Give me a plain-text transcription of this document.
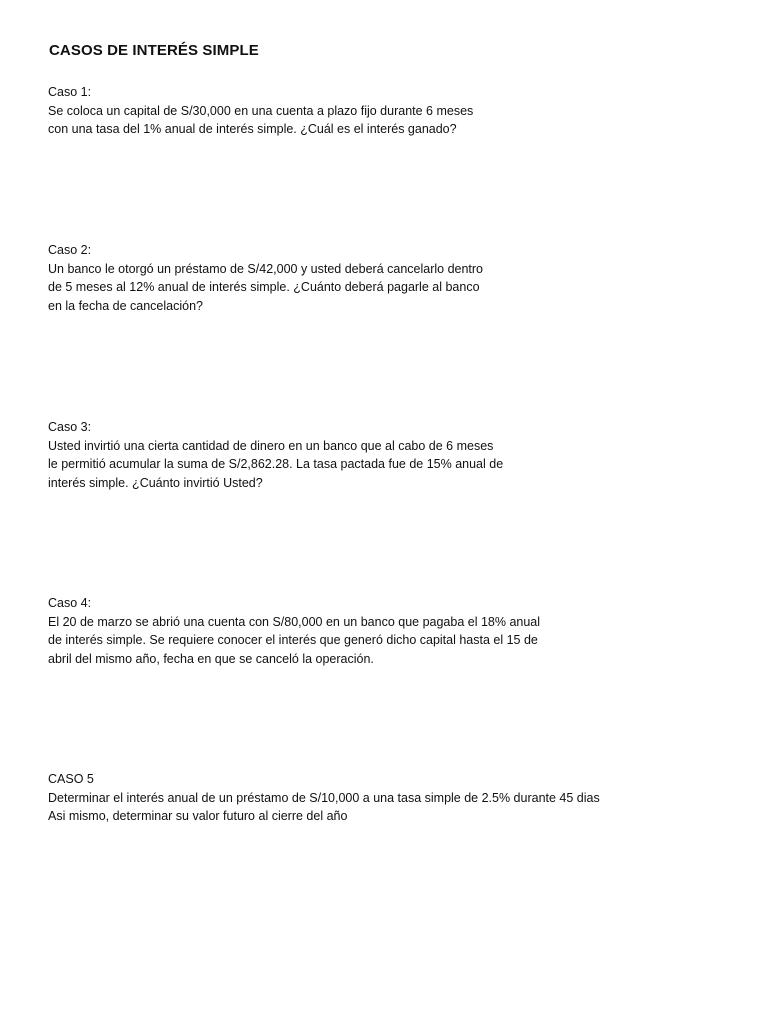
CASOS DE INTERÉS SIMPLE
Caso 1:
Se coloca un capital de S/30,000 en una cuenta a plazo fijo durante 6 meses
con una tasa del 1% anual de interés simple. ¿Cuál es el interés ganado?
Caso 2:
Un banco le otorgó un préstamo de S/42,000 y usted deberá cancelarlo dentro
de 5 meses al 12% anual de interés simple. ¿Cuánto deberá pagarle al banco
en la fecha de cancelación?
Caso 3:
Usted invirtió una cierta cantidad de dinero en un banco que al cabo de 6 meses
le permitió acumular la suma de S/2,862.28. La tasa pactada fue de 15% anual de
interés simple. ¿Cuánto invirtió Usted?
Caso 4:
El 20 de marzo se abrió una cuenta con S/80,000 en un banco que pagaba el 18% anual
de interés simple. Se requiere conocer el interés que generó dicho capital hasta el 15 de
abril del mismo año, fecha en que se canceló la operación.
CASO 5
Determinar el interés anual de un préstamo de S/10,000 a una tasa simple de 2.5% durante 45 dias
Asi mismo, determinar su valor futuro al cierre del año
